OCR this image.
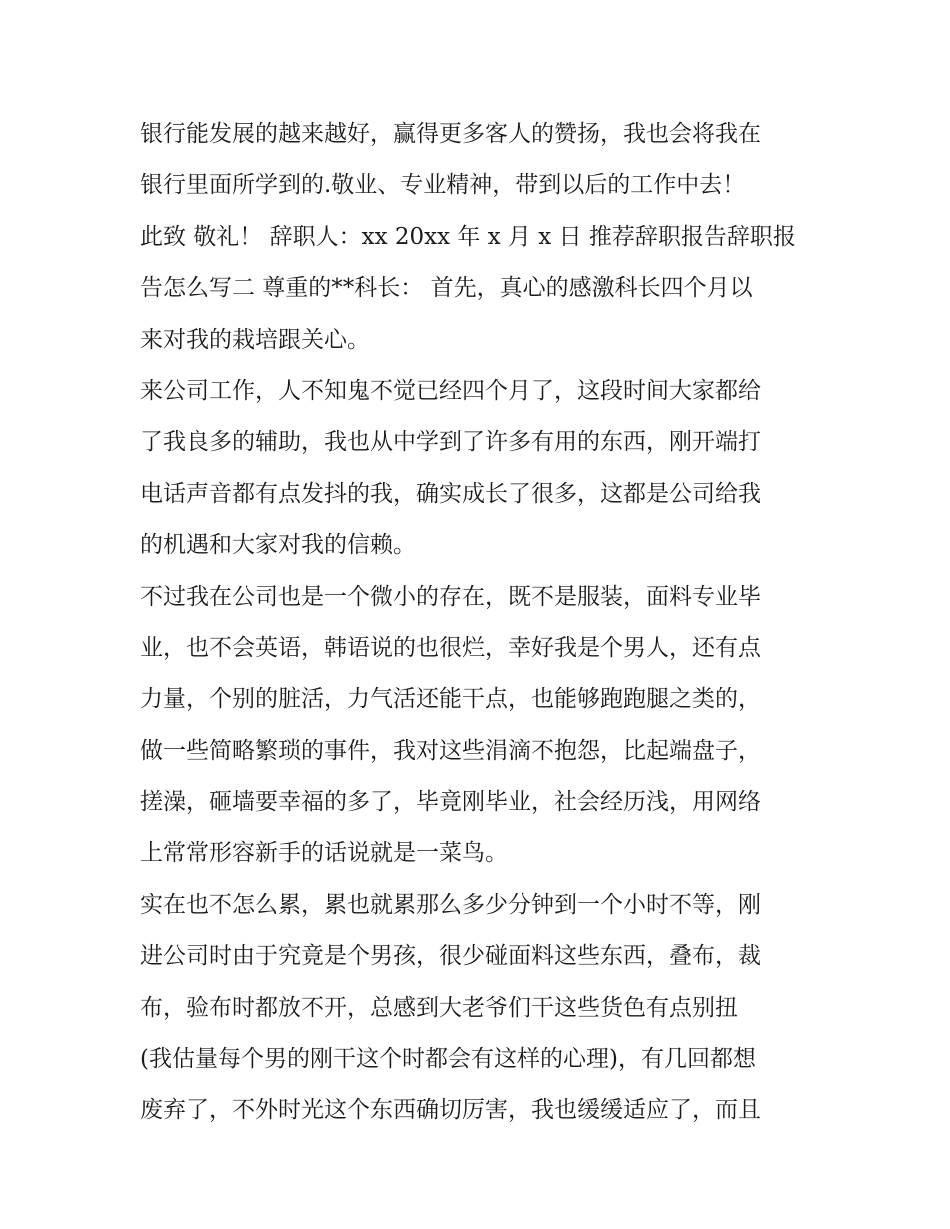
银行能发展的越来越好，赢得更多客人的赞扬，我也会将我在
银行里面所学到的.敬业、专业精神，带到以后的工作中去！
此致 敬礼！ 辞职人：xx 20xx 年 x 月 x 日 推荐辞职报告辞职报
告怎么写二 尊重的**科长： 首先，真心的感激科长四个月以
来对我的栽培跟关心。
来公司工作，人不知鬼不觉已经四个月了，这段时间大家都给
了我良多的辅助，我也从中学到了许多有用的东西，刚开端打
电话声音都有点发抖的我，确实成长了很多，这都是公司给我
的机遇和大家对我的信赖。
不过我在公司也是一个微小的存在，既不是服装，面料专业毕
业，也不会英语，韩语说的也很烂，幸好我是个男人，还有点
力量，个别的脏活，力气活还能干点，也能够跑跑腿之类的，
做一些简略繁琐的事件，我对这些涓滴不抱怨，比起端盘子，
搓澡，砸墙要幸福的多了，毕竟刚毕业，社会经历浅，用网络
上常常形容新手的话说就是一菜鸟。
实在也不怎么累，累也就累那么多少分钟到一个小时不等，刚
进公司时由于究竟是个男孩，很少碰面料这些东西，叠布，裁
布，验布时都放不开，总感到大老爷们干这些货色有点别扭
(我估量每个男的刚干这个时都会有这样的心理)，有几回都想
废弃了，不外时光这个东西确切厉害，我也缓缓适应了，而且
